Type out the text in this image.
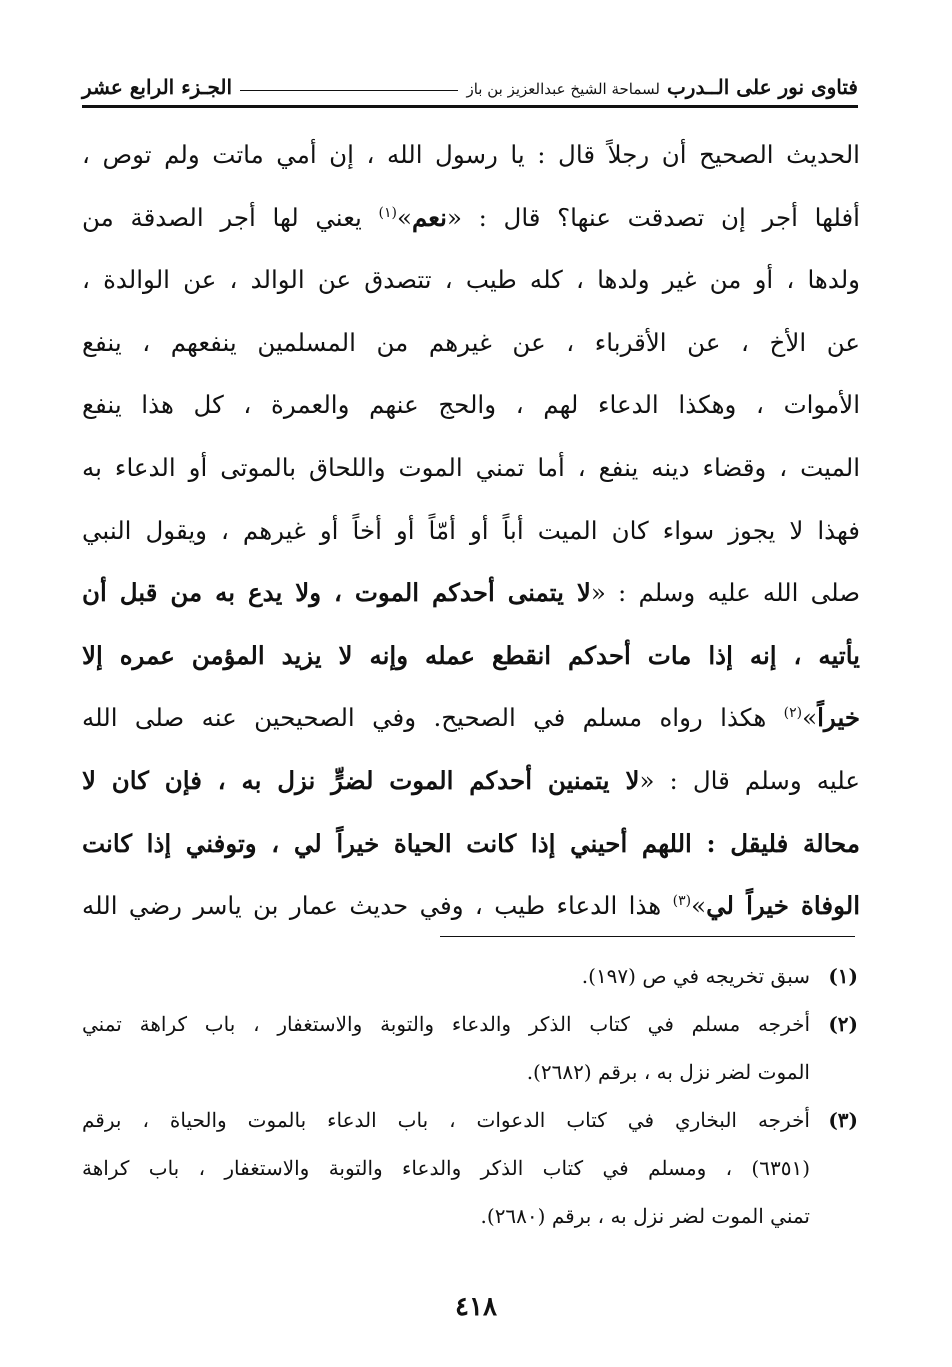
فتاوى نور على الــدرب لسماحة الشيخ عبدالعزيز بن باز
الجـزء الرابع عشر
الحديث الصحيح أن رجلاً قال : يا رسول الله ، إن أمي ماتت ولم توص ،
أفلها أجر إن تصدقت عنها؟ قال : «نعم»$^{(١)}$ يعني لها أجر الصدقة من
ولدها ، أو من غير ولدها ، كله طيب ، تتصدق عن الوالد ، عن الوالدة ،
عن الأخ ، عن الأقرباء ، عن غيرهم من المسلمين ينفعهم ، ينفع
الأموات ، وهكذا الدعاء لهم ، والحج عنهم والعمرة ، كل هذا ينفع
الميت ، وقضاء دينه ينفع ، أما تمني الموت واللحاق بالموتى أو الدعاء به
فهذا لا يجوز سواء كان الميت أباً أو أمّاً أو أخاً أو غيرهم ، ويقول النبي
صلى الله عليه وسلم : «لا يتمنى أحدكم الموت ، ولا يدع به من قبل أن
يأتيه ، إنه إذا مات أحدكم انقطع عمله وإنه لا يزيد المؤمن عمره إلا
خيراً»$^{(٢)}$ هكذا رواه مسلم في الصحيح. وفي الصحيحين عنه صلى الله
عليه وسلم قال : «لا يتمنين أحدكم الموت لضرٍّ نزل به ، فإن كان لا
محالة فليقل : اللهم أحيني إذا كانت الحياة خيراً لي ، وتوفني إذا كانت
الوفاة خيراً لي»$^{(٣)}$ هذا الدعاء طيب ، وفي حديث عمار بن ياسر رضي الله
(١)
سبق تخريجه في ص (١٩٧).
(٢)
أخرجه مسلم في كتاب الذكر والدعاء والتوبة والاستغفار ، باب كراهة تمني
الموت لضر نزل به ، برقم (٢٦٨٢).
(٣)
أخرجه البخاري في كتاب الدعوات ، باب الدعاء بالموت والحياة ، برقم
(٦٣٥١) ، ومسلم في كتاب الذكر والدعاء والتوبة والاستغفار ، باب كراهة
تمني الموت لضر نزل به ، برقم (٢٦٨٠).
٤١٨
